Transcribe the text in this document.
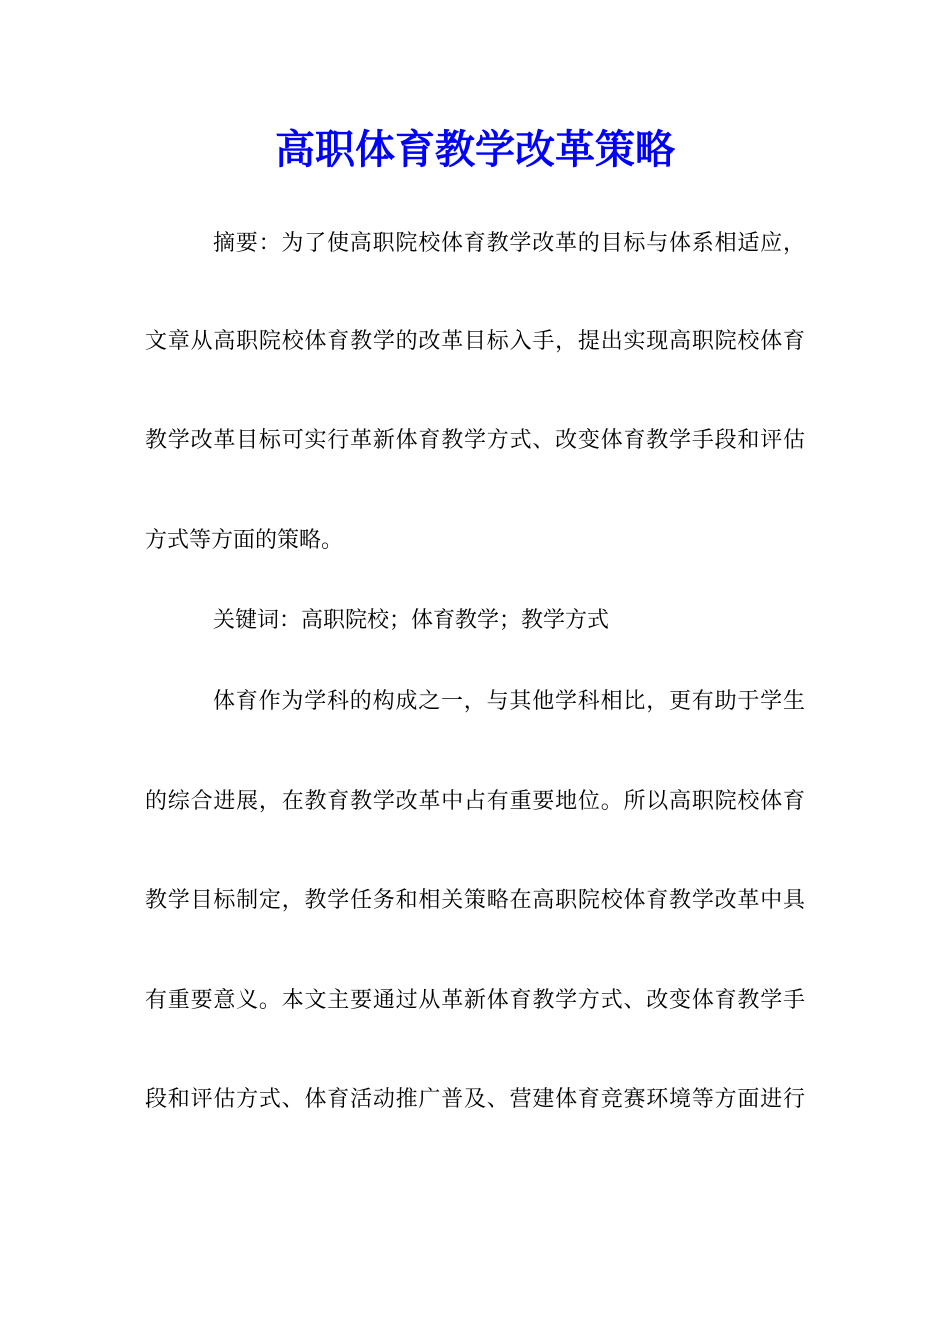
高职体育教学改革策略

摘要：为了使高职院校体育教学改革的目标与体系相适应，

文章从高职院校体育教学的改革目标入手，提出实现高职院校体育

教学改革目标可实行革新体育教学方式、改变体育教学手段和评估

方式等方面的策略。

关键词：高职院校；体育教学；教学方式

体育作为学科的构成之一，与其他学科相比，更有助于学生

的综合进展，在教育教学改革中占有重要地位。所以高职院校体育

教学目标制定，教学任务和相关策略在高职院校体育教学改革中具

有重要意义。本文主要通过从革新体育教学方式、改变体育教学手

段和评估方式、体育活动推广普及、营建体育竞赛环境等方面进行
